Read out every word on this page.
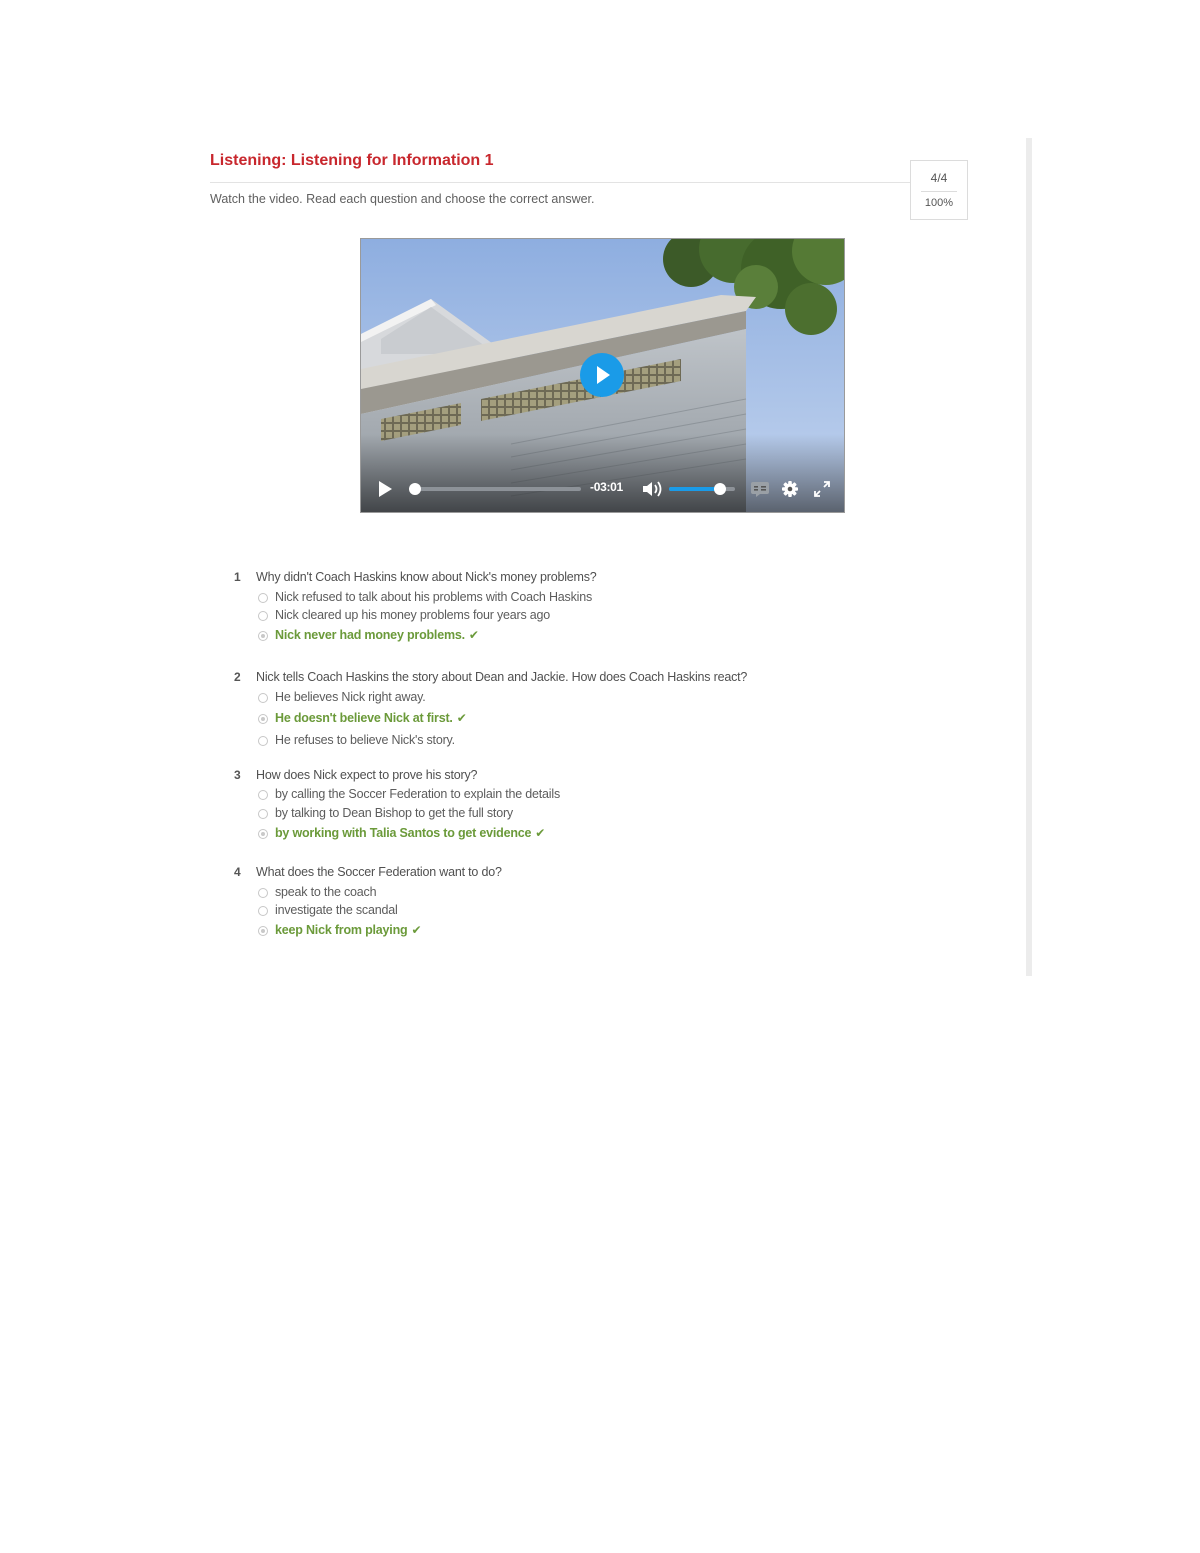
Listening: Listening for Information 1
Watch the video. Read each question and choose the correct answer.
4/4
100%
-03:01
1 Why didn't Coach Haskins know about Nick's money problems?
Nick refused to talk about his problems with Coach Haskins
Nick cleared up his money problems four years ago
Nick never had money problems. ✔
2 Nick tells Coach Haskins the story about Dean and Jackie. How does Coach Haskins react?
He believes Nick right away.
He doesn't believe Nick at first. ✔
He refuses to believe Nick's story.
3 How does Nick expect to prove his story?
by calling the Soccer Federation to explain the details
by talking to Dean Bishop to get the full story
by working with Talia Santos to get evidence ✔
4 What does the Soccer Federation want to do?
speak to the coach
investigate the scandal
keep Nick from playing ✔
